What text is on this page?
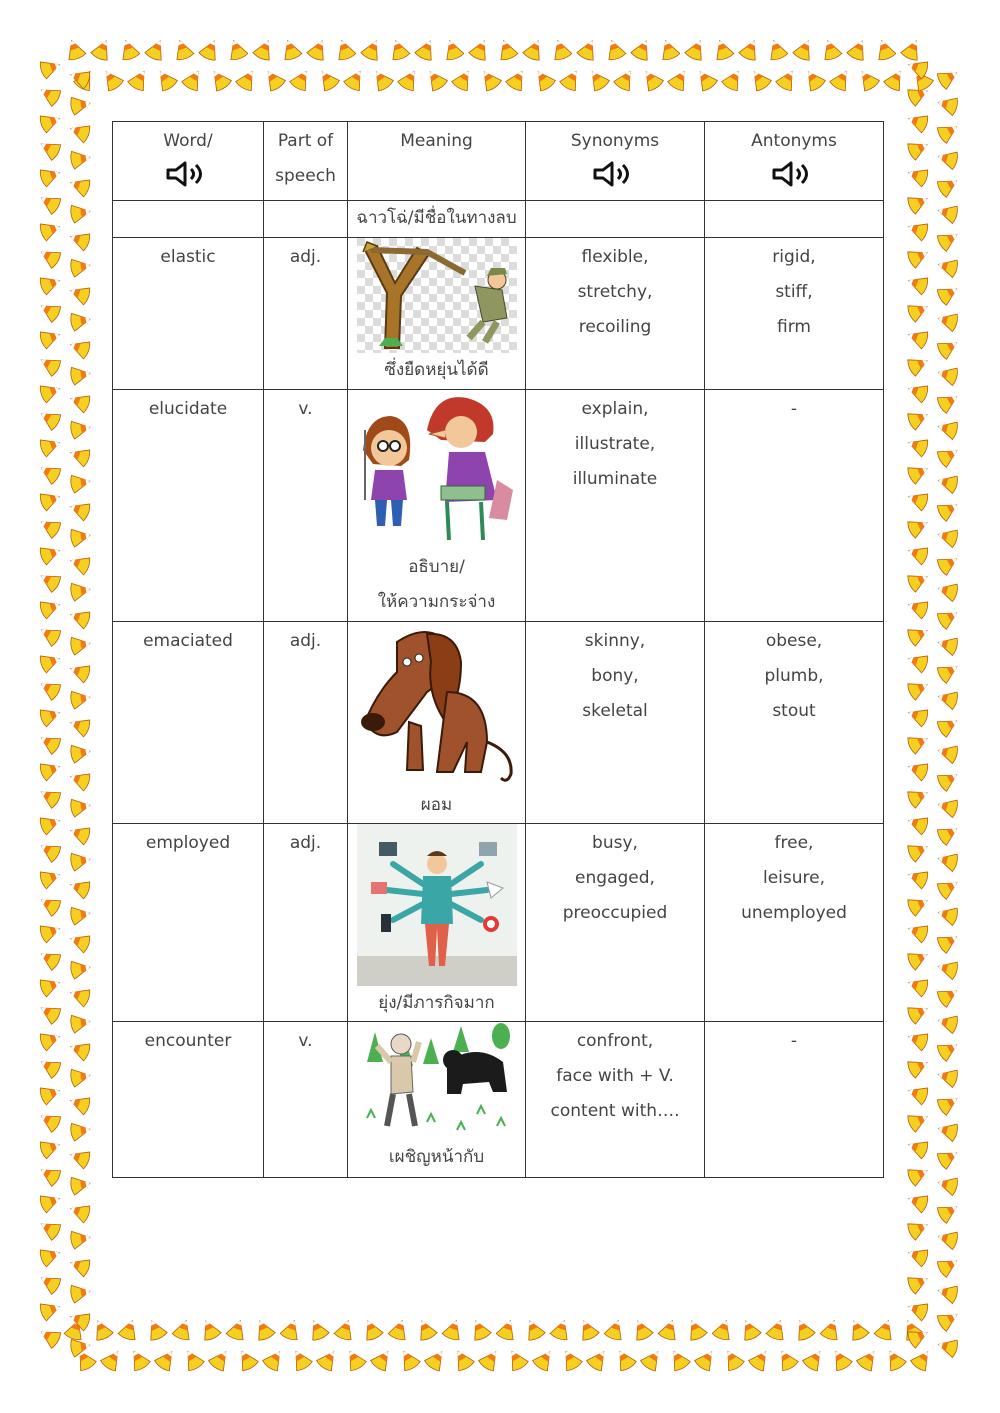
Word/	Part of speech	Meaning	Synonyms	Antonyms

		ฉาวโฉ่/มีชื่อในทางลบ		
elastic	adj.	ซึ่งยืดหยุ่นได้ดี	flexible,
stretchy,
recoiling	rigid,
stiff,
firm

elucidate	v.	อธิบาย/
ให้ความกระจ่าง	explain,
illustrate,
illuminate	-

emaciated	adj.	ผอม	skinny,
bony,
skeletal	obese,
plumb,
stout

employed	adj.	ยุ่ง/มีภารกิจมาก	busy,
engaged,
preoccupied	free,
leisure,
unemployed

encounter	v.	เผชิญหน้ากับ	confront,
face with + V.
content with….	-
